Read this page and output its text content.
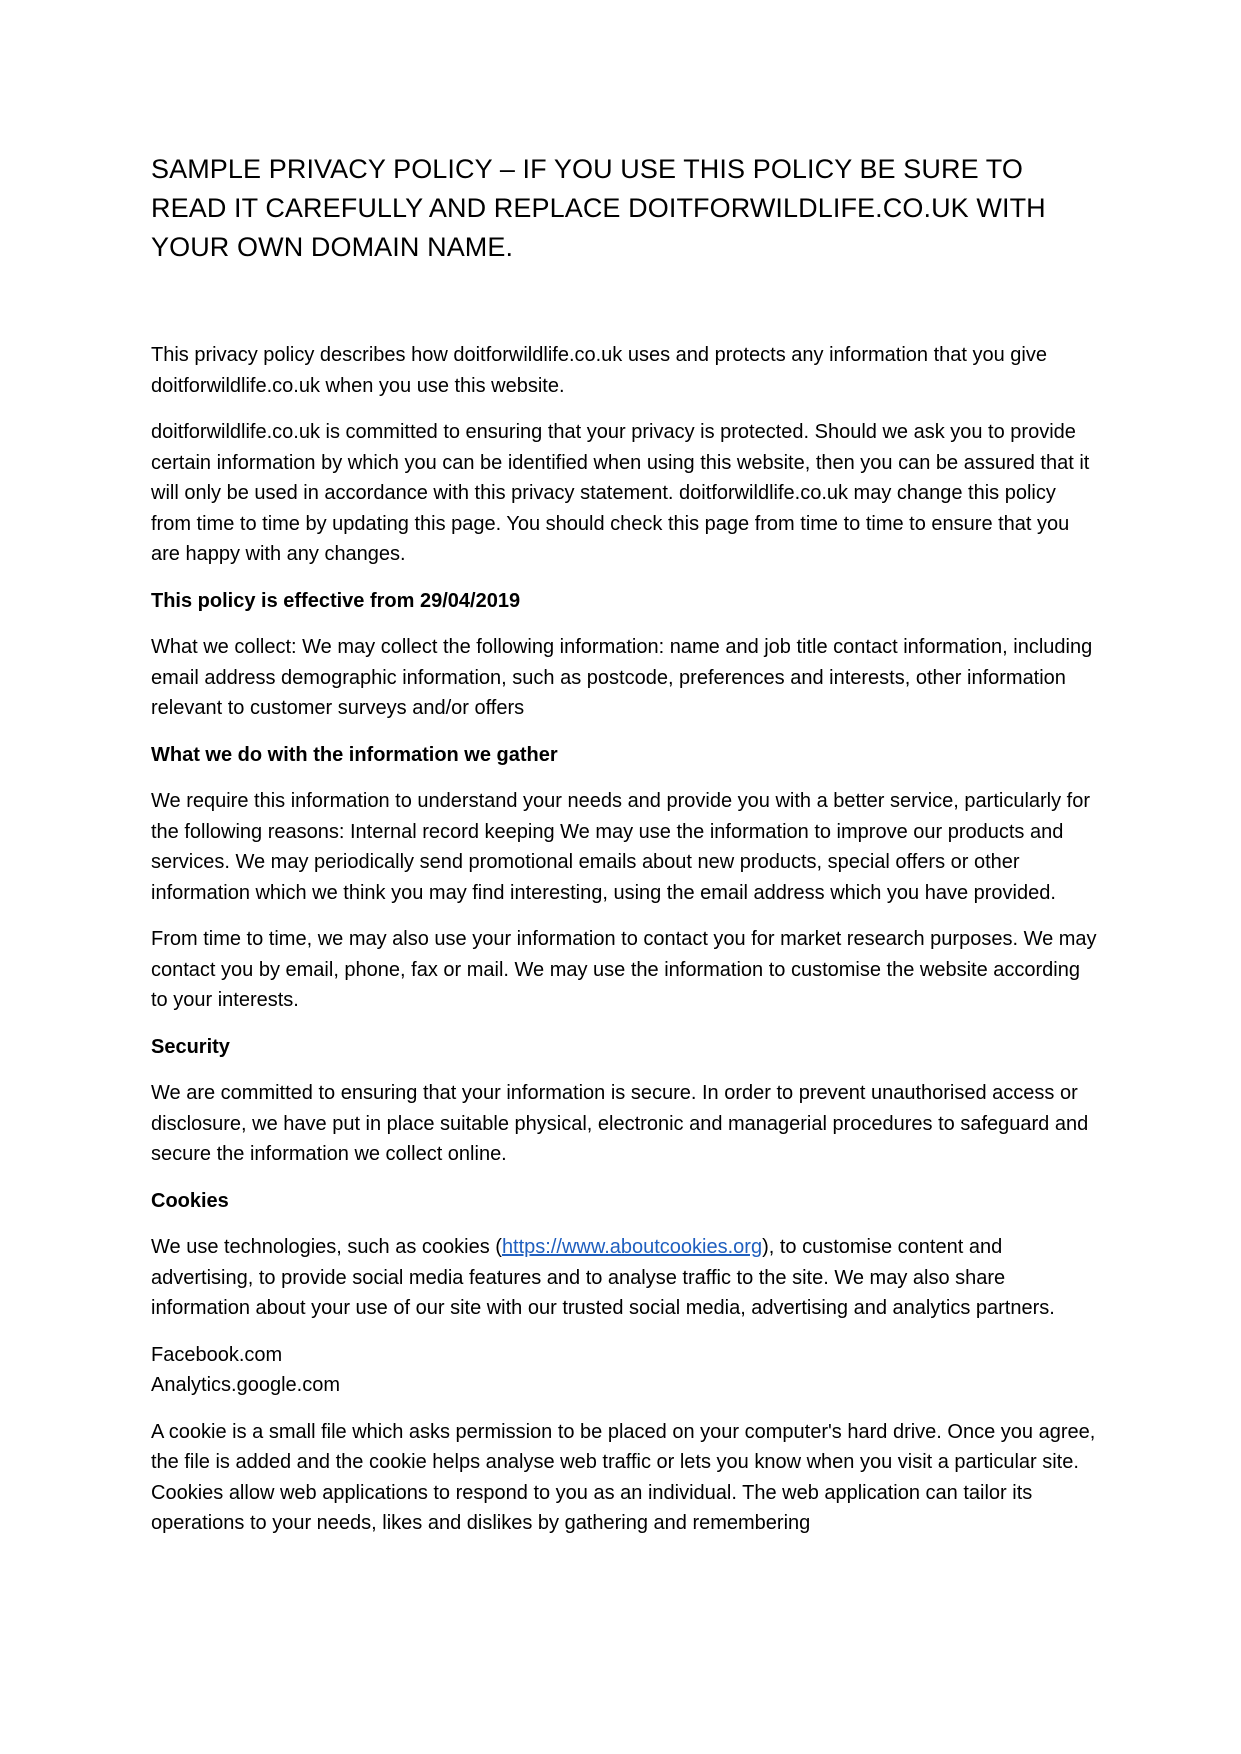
SAMPLE PRIVACY POLICY – IF YOU USE THIS POLICY BE SURE TO READ IT CAREFULLY AND REPLACE DOITFORWILDLIFE.CO.UK WITH YOUR OWN DOMAIN NAME.

This privacy policy describes how doitforwildlife.co.uk uses and protects any information that you give doitforwildlife.co.uk when you use this website.

doitforwildlife.co.uk is committed to ensuring that your privacy is protected. Should we ask you to provide certain information by which you can be identified when using this website, then you can be assured that it will only be used in accordance with this privacy statement. doitforwildlife.co.uk may change this policy from time to time by updating this page. You should check this page from time to time to ensure that you are happy with any changes.

This policy is effective from 29/04/2019

What we collect: We may collect the following information: name and job title contact information, including email address demographic information, such as postcode, preferences and interests, other information relevant to customer surveys and/or offers

What we do with the information we gather

We require this information to understand your needs and provide you with a better service, particularly for the following reasons: Internal record keeping We may use the information to improve our products and services. We may periodically send promotional emails about new products, special offers or other information which we think you may find interesting, using the email address which you have provided.

From time to time, we may also use your information to contact you for market research purposes. We may contact you by email, phone, fax or mail. We may use the information to customise the website according to your interests.

Security

We are committed to ensuring that your information is secure. In order to prevent unauthorised access or disclosure, we have put in place suitable physical, electronic and managerial procedures to safeguard and secure the information we collect online.

Cookies

We use technologies, such as cookies (https://www.aboutcookies.org), to customise content and advertising, to provide social media features and to analyse traffic to the site. We may also share information about your use of our site with our trusted social media, advertising and analytics partners.

Facebook.com
Analytics.google.com

A cookie is a small file which asks permission to be placed on your computer's hard drive. Once you agree, the file is added and the cookie helps analyse web traffic or lets you know when you visit a particular site. Cookies allow web applications to respond to you as an individual. The web application can tailor its operations to your needs, likes and dislikes by gathering and remembering
